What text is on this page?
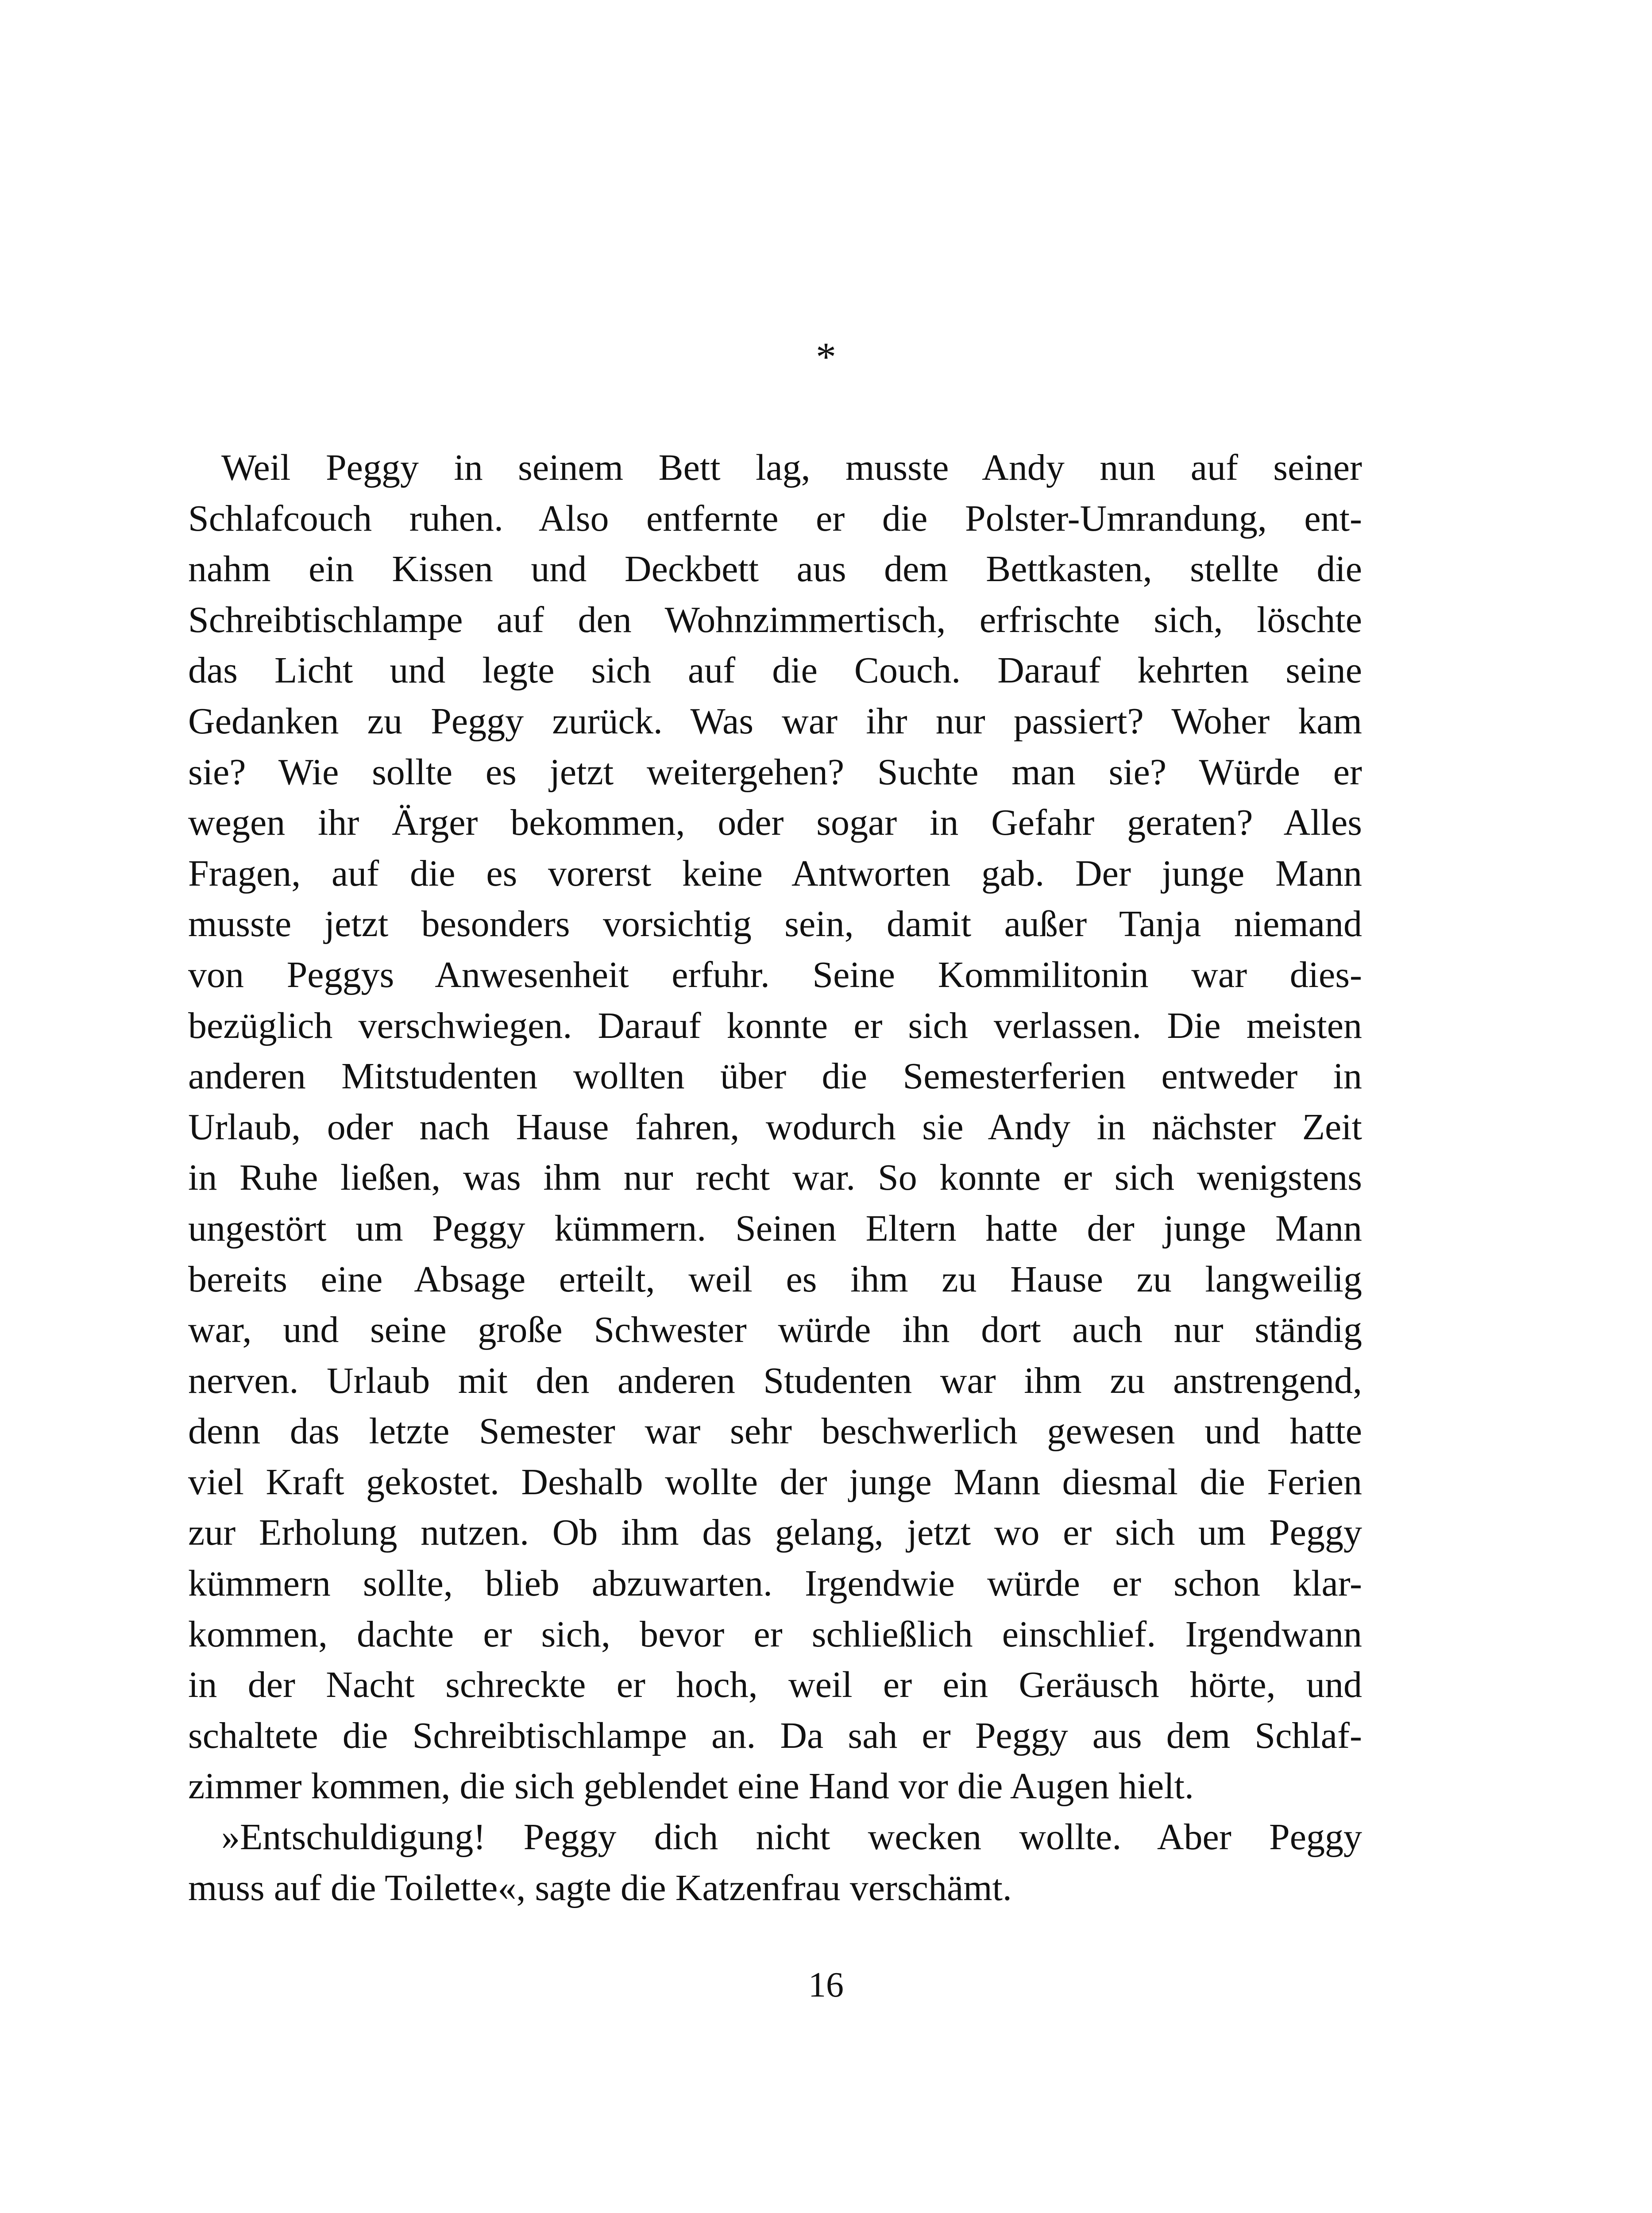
*
Weil Peggy in seinem Bett lag, musste Andy nun auf seiner
Schlafcouch ruhen. Also entfernte er die Polster-Umrandung, ent-
nahm ein Kissen und Deckbett aus dem Bettkasten, stellte die
Schreibtischlampe auf den Wohnzimmertisch, erfrischte sich, löschte
das Licht und legte sich auf die Couch. Darauf kehrten seine
Gedanken zu Peggy zurück. Was war ihr nur passiert? Woher kam
sie? Wie sollte es jetzt weitergehen? Suchte man sie? Würde er
wegen ihr Ärger bekommen, oder sogar in Gefahr geraten? Alles
Fragen, auf die es vorerst keine Antworten gab. Der junge Mann
musste jetzt besonders vorsichtig sein, damit außer Tanja niemand
von Peggys Anwesenheit erfuhr. Seine Kommilitonin war dies-
bezüglich verschwiegen. Darauf konnte er sich verlassen. Die meisten
anderen Mitstudenten wollten über die Semesterferien entweder in
Urlaub, oder nach Hause fahren, wodurch sie Andy in nächster Zeit
in Ruhe ließen, was ihm nur recht war. So konnte er sich wenigstens
ungestört um Peggy kümmern. Seinen Eltern hatte der junge Mann
bereits eine Absage erteilt, weil es ihm zu Hause zu langweilig
war, und seine große Schwester würde ihn dort auch nur ständig
nerven. Urlaub mit den anderen Studenten war ihm zu anstrengend,
denn das letzte Semester war sehr beschwerlich gewesen und hatte
viel Kraft gekostet. Deshalb wollte der junge Mann diesmal die Ferien
zur Erholung nutzen. Ob ihm das gelang, jetzt wo er sich um Peggy
kümmern sollte, blieb abzuwarten. Irgendwie würde er schon klar-
kommen, dachte er sich, bevor er schließlich einschlief. Irgendwann
in der Nacht schreckte er hoch, weil er ein Geräusch hörte, und
schaltete die Schreibtischlampe an. Da sah er Peggy aus dem Schlaf-
zimmer kommen, die sich geblendet eine Hand vor die Augen hielt.
»Entschuldigung! Peggy dich nicht wecken wollte. Aber Peggy
muss auf die Toilette«, sagte die Katzenfrau verschämt.
16
